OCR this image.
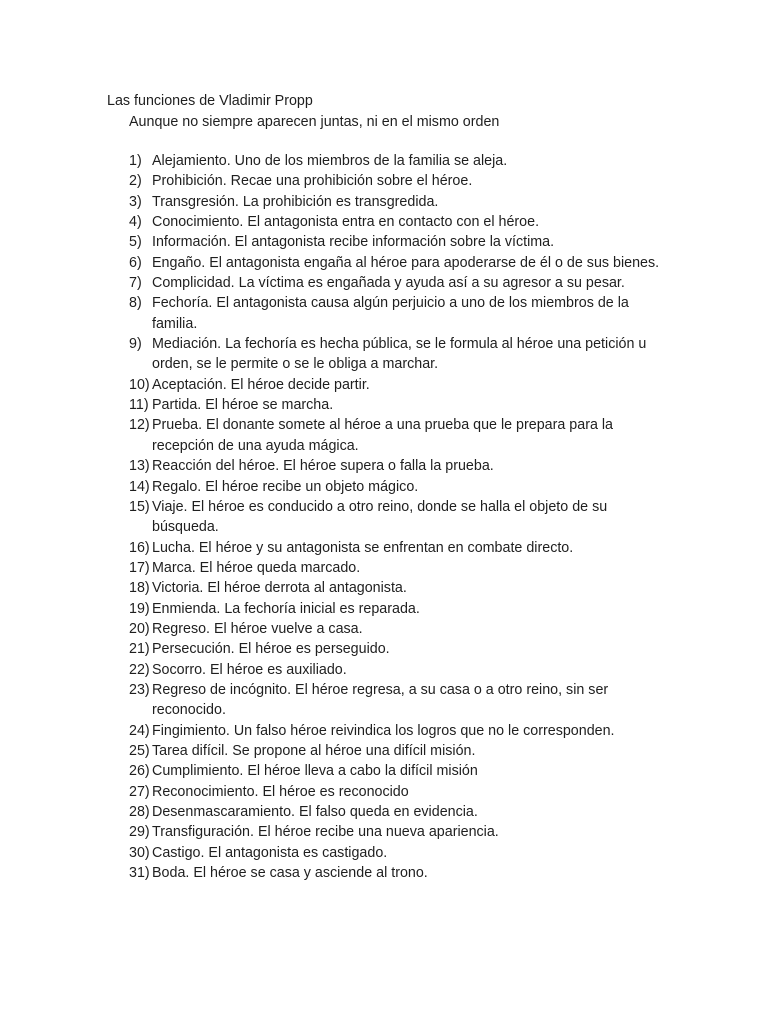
Las funciones de Vladimir Propp
Aunque no siempre aparecen juntas, ni en el mismo orden
1) Alejamiento. Uno de los miembros de la familia se aleja.
2) Prohibición. Recae una prohibición sobre el héroe.
3) Transgresión. La prohibición es transgredida.
4) Conocimiento. El antagonista entra en contacto con el héroe.
5) Información. El antagonista recibe información sobre la víctima.
6) Engaño. El antagonista engaña al héroe para apoderarse de él o de sus bienes.
7) Complicidad. La víctima es engañada y ayuda así a su agresor a su pesar.
8) Fechoría. El antagonista causa algún perjuicio a uno de los miembros de la familia.
9) Mediación. La fechoría es hecha pública, se le formula al héroe una petición u orden, se le permite o se le obliga a marchar.
10) Aceptación. El héroe decide partir.
11) Partida. El héroe se marcha.
12) Prueba. El donante somete al héroe a una prueba que le prepara para la recepción de una ayuda mágica.
13) Reacción del héroe. El héroe supera o falla la prueba.
14) Regalo. El héroe recibe un objeto mágico.
15) Viaje. El héroe es conducido a otro reino, donde se halla el objeto de su búsqueda.
16) Lucha. El héroe y su antagonista se enfrentan en combate directo.
17) Marca. El héroe queda marcado.
18) Victoria. El héroe derrota al antagonista.
19) Enmienda. La fechoría inicial es reparada.
20) Regreso. El héroe vuelve a casa.
21) Persecución. El héroe es perseguido.
22) Socorro. El héroe es auxiliado.
23) Regreso de incógnito. El héroe regresa, a su casa o a otro reino, sin ser reconocido.
24) Fingimiento. Un falso héroe reivindica los logros que no le corresponden.
25) Tarea difícil. Se propone al héroe una difícil misión.
26) Cumplimiento. El héroe lleva a cabo la difícil misión
27) Reconocimiento. El héroe es reconocido
28) Desenmascaramiento. El falso queda en evidencia.
29) Transfiguración. El héroe recibe una nueva apariencia.
30) Castigo. El antagonista es castigado.
31) Boda. El héroe se casa y asciende al trono.
